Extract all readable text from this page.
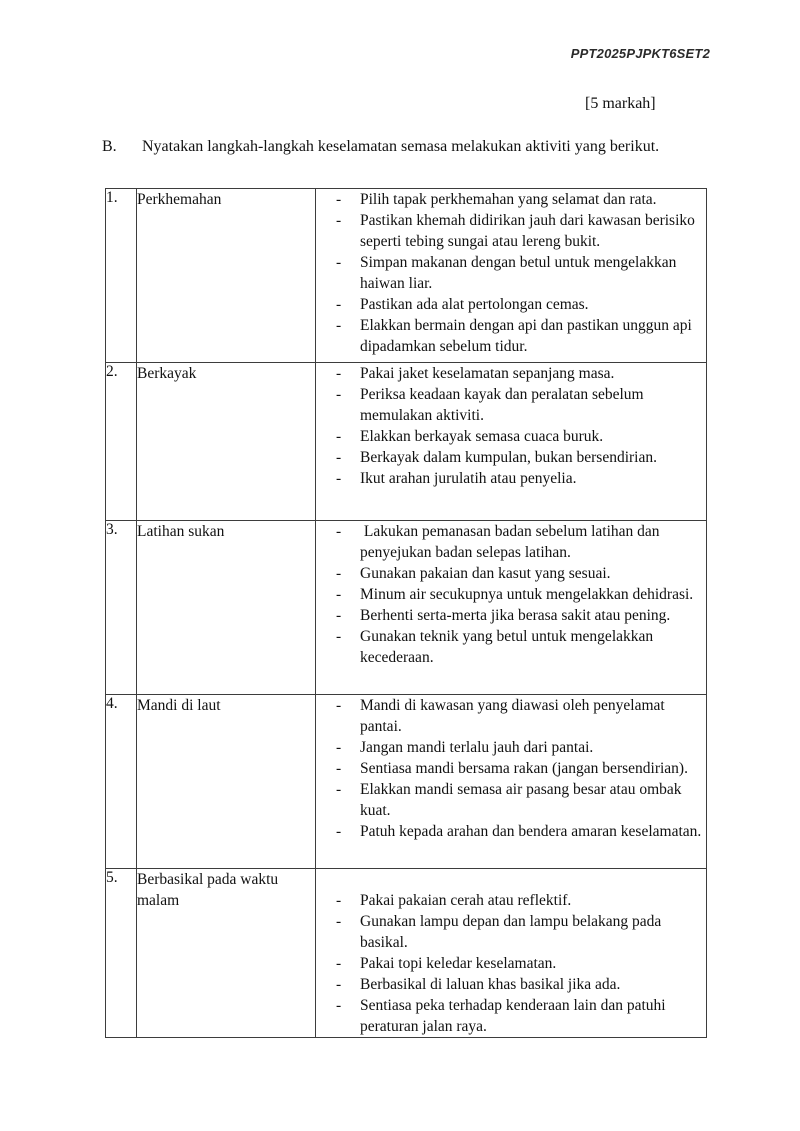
PPT2025PJPKT6SET2
[5 markah]
B.	Nyatakan langkah-langkah keselamatan semasa melakukan aktiviti yang berikut.
1.	Perkhemahan	-	Pilih tapak perkhemahan yang selamat dan rata.
-	Pastikan khemah didirikan jauh dari kawasan berisiko seperti tebing sungai atau lereng bukit.
-	Simpan makanan dengan betul untuk mengelakkan haiwan liar.
-	Pastikan ada alat pertolongan cemas.
-	Elakkan bermain dengan api dan pastikan unggun api dipadamkan sebelum tidur.

2.	Berkayak	-	Pakai jaket keselamatan sepanjang masa.
-	Periksa keadaan kayak dan peralatan sebelum memulakan aktiviti.
-	Elakkan berkayak semasa cuaca buruk.
-	Berkayak dalam kumpulan, bukan bersendirian.
-	Ikut arahan jurulatih atau penyelia.

3.	Latihan sukan	-	Lakukan pemanasan badan sebelum latihan dan penyejukan badan selepas latihan.
-	Gunakan pakaian dan kasut yang sesuai.
-	Minum air secukupnya untuk mengelakkan dehidrasi.
-	Berhenti serta-merta jika berasa sakit atau pening.
-	Gunakan teknik yang betul untuk mengelakkan kecederaan.

4.	Mandi di laut	-	Mandi di kawasan yang diawasi oleh penyelamat pantai.
-	Jangan mandi terlalu jauh dari pantai.
-	Sentiasa mandi bersama rakan (jangan bersendirian).
-	Elakkan mandi semasa air pasang besar atau ombak kuat.
-	Patuh kepada arahan dan bendera amaran keselamatan.

5.	Berbasikal pada waktu malam	-	Pakai pakaian cerah atau reflektif.
-	Gunakan lampu depan dan lampu belakang pada basikal.
-	Pakai topi keledar keselamatan.
-	Berbasikal di laluan khas basikal jika ada.
-	Sentiasa peka terhadap kenderaan lain dan patuhi peraturan jalan raya.
